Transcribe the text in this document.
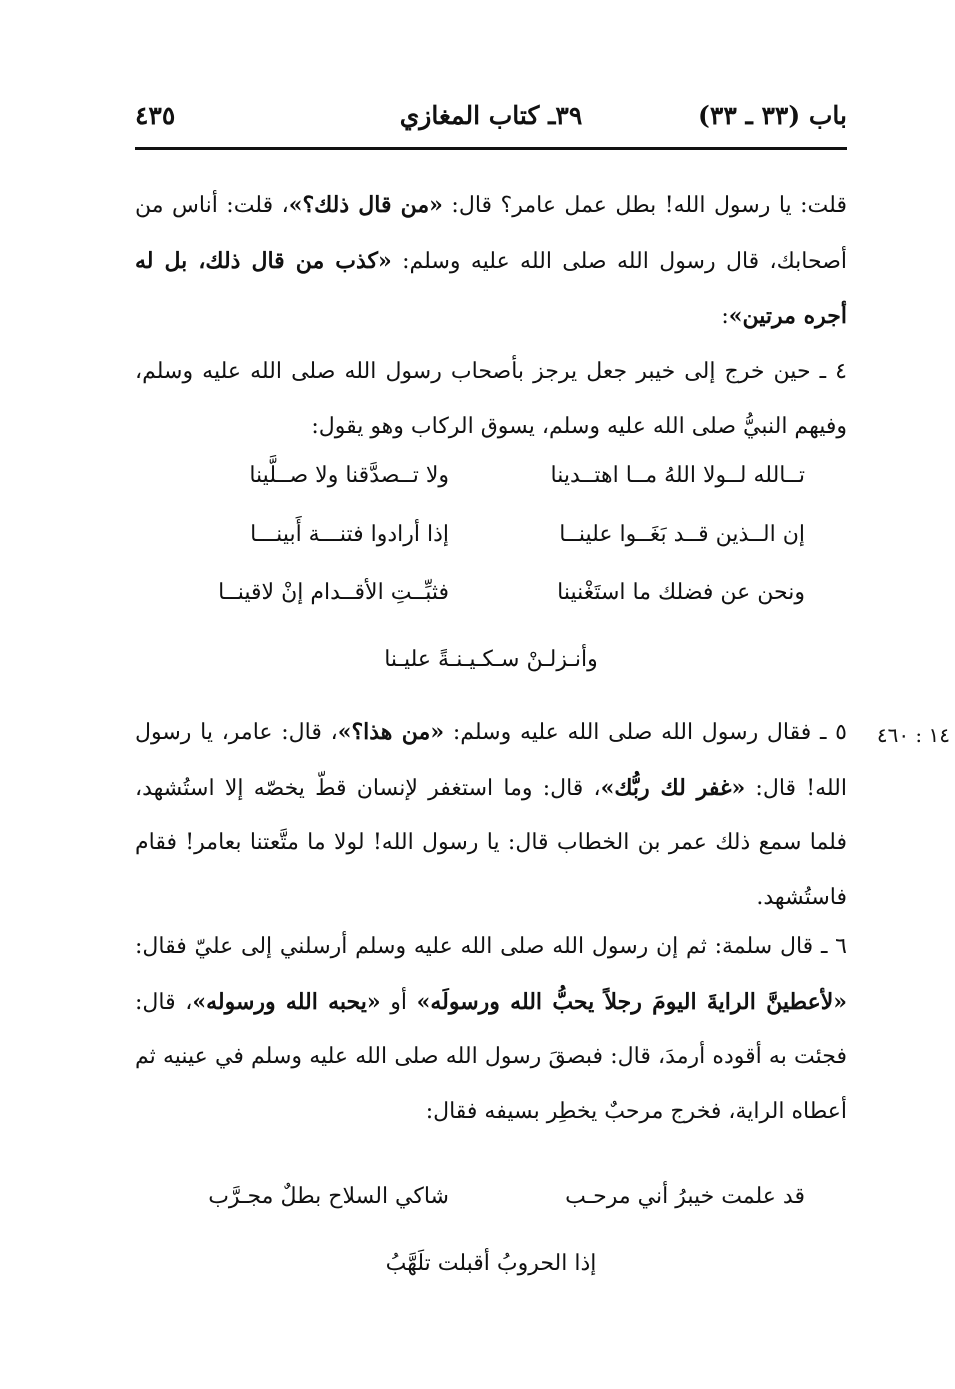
باب (٣٣ ـ ٣٣)
٣٩ـ كتاب المغازي
٤٣٥

قلت: يا رسول الله! بطل عمل عامر؟ قال: «من قال ذلك؟»، قلت: أناس من أصحابك، قال رسول الله صلى الله عليه وسلم: «كذب من قال ذلك، بل له أجره مرتين»:

٤ ـ حين خرج إلى خيبر جعل يرجز بأصحاب رسول الله صلى الله عليه وسلم، وفيهم النبيُّ صلى الله عليه وسلم، يسوق الركاب وهو يقول:

تــالله لــولا اللهُ مــا اهتــدينا
ولا تــصدَّقنا ولا صــلَّينا
إن الــذين قــد بَغَــوا علينــا
إذا أرادوا فتنـــة أَبينـــا
ونحن عن فضلك ما استَغْنينا
فثبِّــتِ الأقــدام إنْ لاقينــا
وأنـزلـنْ سـكـيـنـةً عليـنا
١٤ : ٤٦٠

٥ ـ فقال رسول الله صلى الله عليه وسلم: «من هذا؟»، قال: عامر، يا رسول الله! قال: «غفر لك ربُّك»، قال: وما استغفر لإنسان قطّ يخصّه إلا استُشهد، فلما سمع ذلك عمر بن الخطاب قال: يا رسول الله! لولا ما متَّعتنا بعامر! فقام فاستُشهد.

٦ ـ قال سلمة: ثم إن رسول الله صلى الله عليه وسلم أرسلني إلى عليّ فقال: «لأعطينَّ الرايةَ اليومَ رجلاً يحبُّ الله ورسولَه» أو «يحبه الله ورسوله»، قال: فجئت به أقوده أرمدَ، قال: فبصقَ رسول الله صلى الله عليه وسلم في عينيه ثم أعطاه الراية، فخرج مرحبٌ يخطِر بسيفه فقال:

قد علمت خيبرُ أني مرحـب
شاكي السلاح بطلٌ مجـرَّب
إذا الحروبُ أقبلت تلَهَّبُ
